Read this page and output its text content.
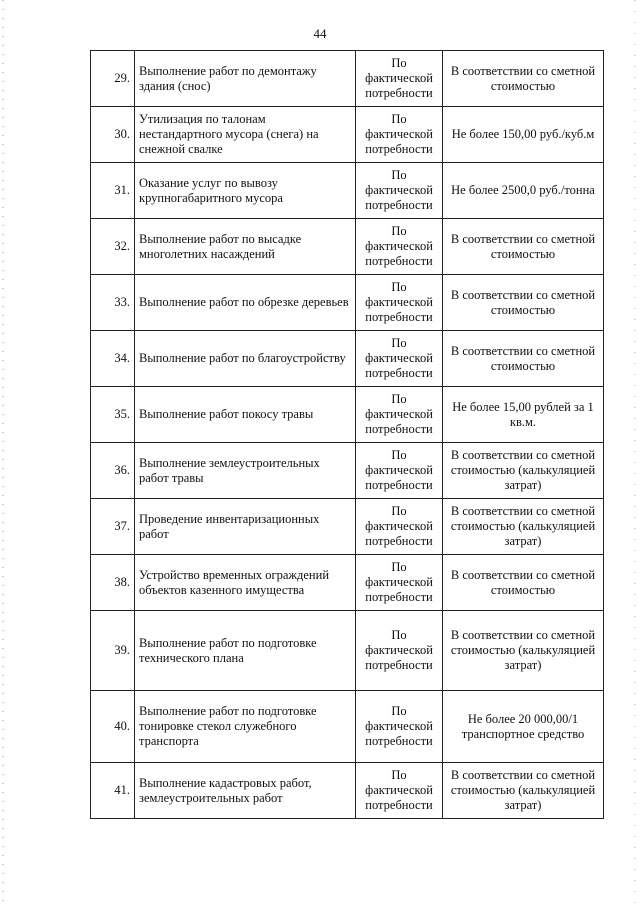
44
29.	Выполнение работ по демонтажу здания (снос)	По фактической потребности	В соответствии со сметной стоимостью
30.	Утилизация по талонам нестандартного мусора (снега) на снежной свалке	По фактической потребности	Не более 150,00 руб./куб.м
31.	Оказание услуг по вывозу крупногабаритного мусора	По фактической потребности	Не более 2500,0 руб./тонна
32.	Выполнение работ по высадке многолетних насаждений	По фактической потребности	В соответствии со сметной стоимостью
33.	Выполнение работ по обрезке деревьев	По фактической потребности	В соответствии со сметной стоимостью
34.	Выполнение работ по благоустройству	По фактической потребности	В соответствии со сметной стоимостью
35.	Выполнение работ покосу травы	По фактической потребности	Не более 15,00 рублей за 1 кв.м.
36.	Выполнение землеустроительных работ травы	По фактической потребности	В соответствии со сметной стоимостью (калькуляцией затрат)
37.	Проведение инвентаризационных работ	По фактической потребности	В соответствии со сметной стоимостью (калькуляцией затрат)
38.	Устройство временных ограждений объектов казенного имущества	По фактической потребности	В соответствии со сметной стоимостью
39.	Выполнение работ по подготовке технического плана	По фактической потребности	В соответствии со сметной стоимостью (калькуляцией затрат)
40.	Выполнение работ по подготовке тонировке стекол служебного транспорта	По фактической потребности	Не более 20 000,00/1 транспортное средство
41.	Выполнение кадастровых работ, землеустроительных работ	По фактической потребности	В соответствии со сметной стоимостью (калькуляцией затрат)
